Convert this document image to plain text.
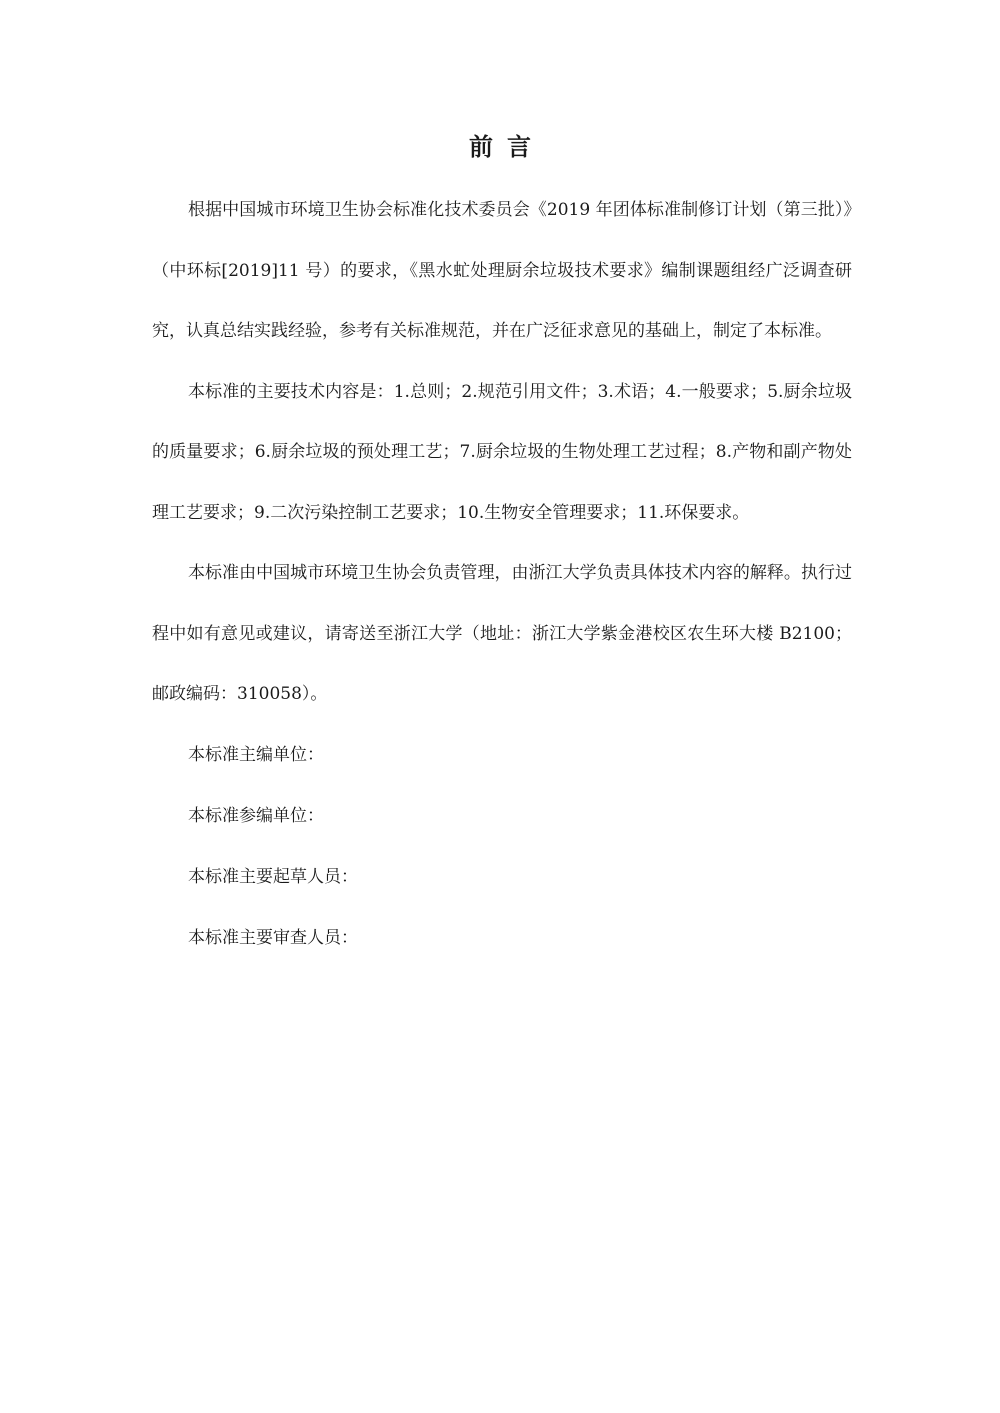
前言

根据中国城市环境卫生协会标准化技术委员会《2019 年团体标准制修订计划（第三批）》（中环标[2019]11 号）的要求，《黑水虻处理厨余垃圾技术要求》编制课题组经广泛调查研究，认真总结实践经验，参考有关标准规范，并在广泛征求意见的基础上，制定了本标准。

本标准的主要技术内容是：1.总则；2.规范引用文件；3.术语；4.一般要求；5.厨余垃圾的质量要求；6.厨余垃圾的预处理工艺；7.厨余垃圾的生物处理工艺过程；8.产物和副产物处理工艺要求；9.二次污染控制工艺要求；10.生物安全管理要求；11.环保要求。

本标准由中国城市环境卫生协会负责管理，由浙江大学负责具体技术内容的解释。执行过程中如有意见或建议，请寄送至浙江大学（地址：浙江大学紫金港校区农生环大楼 B2100；邮政编码：310058）。

本标准主编单位：

本标准参编单位：

本标准主要起草人员：

本标准主要审查人员：
